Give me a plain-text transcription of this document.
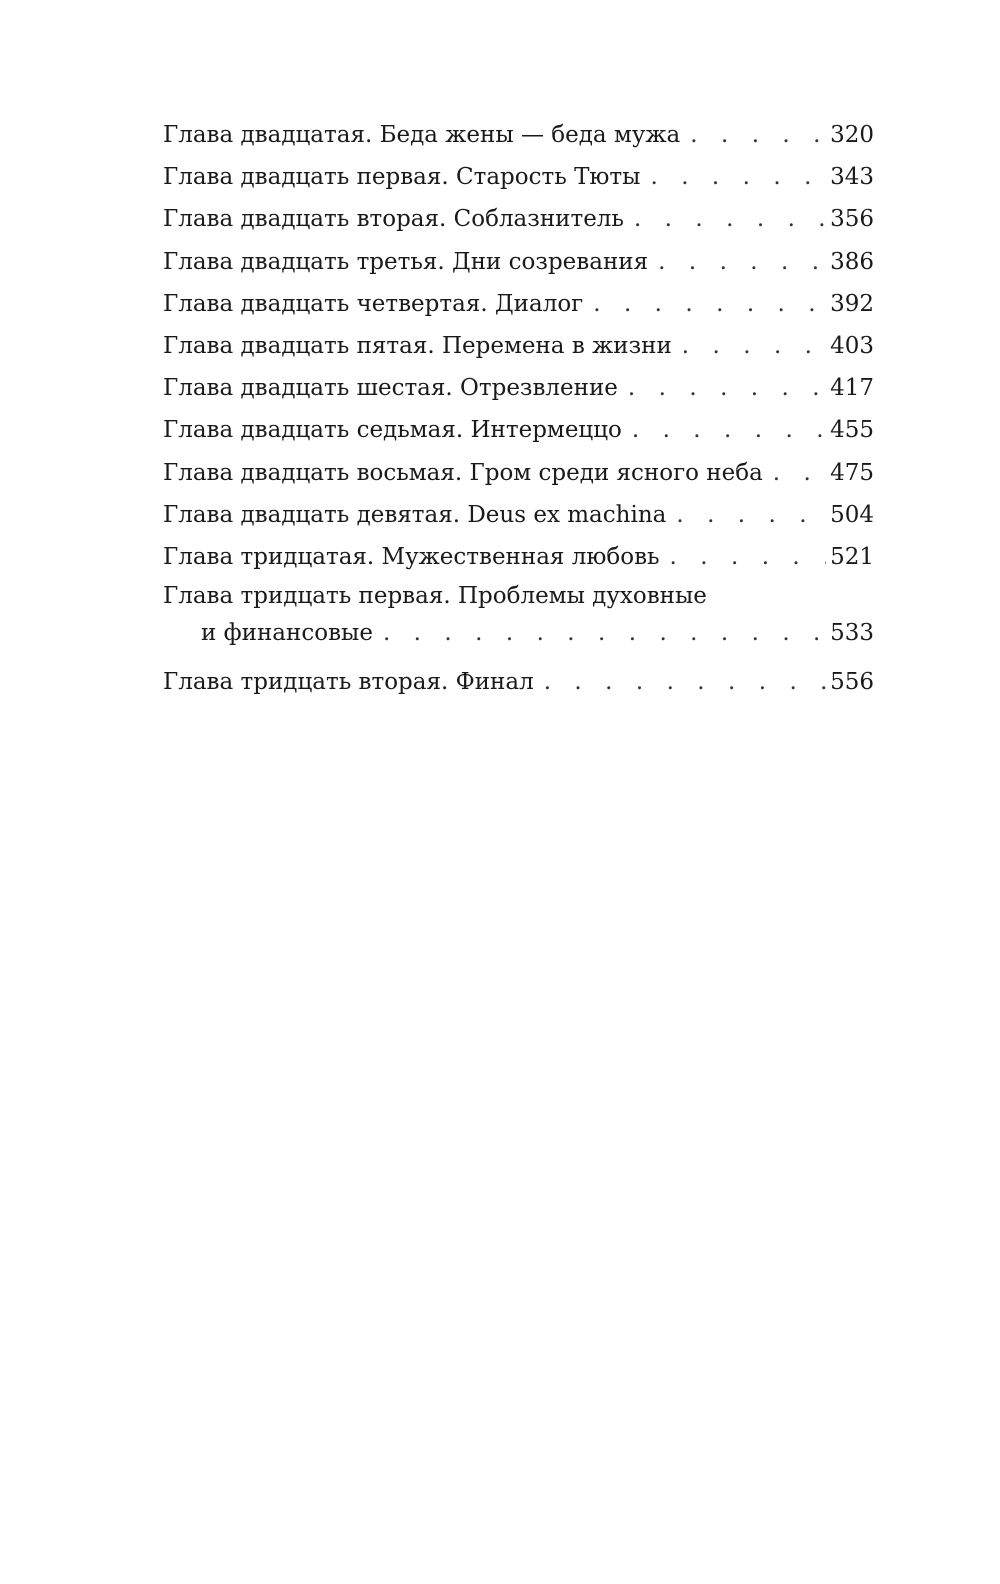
Глава двадцатая. Беда жены — беда мужа . . .	320
Глава двадцать первая. Старость Тюты . . .	343
Глава двадцать вторая. Соблазнитель . . .	356
Глава двадцать третья. Дни созревания . . .	386
Глава двадцать четвертая. Диалог . . .	392
Глава двадцать пятая. Перемена в жизни . . .	403
Глава двадцать шестая. Отрезвление . . .	417
Глава двадцать седьмая. Интермеццо . . .	455
Глава двадцать восьмая. Гром среди ясного неба . . .	475
Глава двадцать девятая. Deus ex machina . . .	504
Глава тридцатая. Мужественная любовь . . .	521
Глава тридцать первая. Проблемы духовные
и финансовые . . .	533
Глава тридцать вторая. Финал . . .	556
